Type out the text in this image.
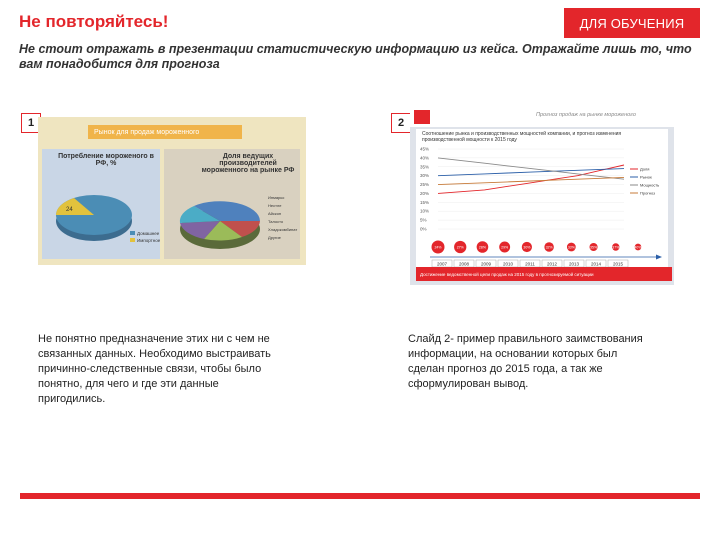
Не повторяйтесь!	ДЛЯ ОБУЧЕНИЯ
Не стоит отражать в презентации статистическую информацию из кейса. Отражайте лишь то, что вам понадобится для прогноза
1
Рынок для продаж мороженного
Потребление мороженого в РФ, %
24
Домашнее
Импортное
Доля ведущих производителей мороженного на рынке РФ
Инмарко
Нестле
Айскон
Талосто
Хладокомбинат
Другие
2
Прогноз продаж на рынке мороженого
Соотношение рынка и производственных мощностей компании, и прогноз изменения производственной мощности к 2015 году
45%
40%
35%
30%
25%
20%
15%
10%
5%
0%
Доля
Рынок
Мощность
Прогноз
24%	27%	28%	29%	30%	32%	33%	35%	37%	40%
2007	2008	2009	2010	2011	2012	2013	2014	2015
Достижение ведомственной цели продаж на 2015 году в прогнозируемой ситуации
Не понятно предназначение этих ни с чем не связанных данных. Необходимо выстраивать причинно-следственные связи, чтобы было понятно, для чего и где эти данные пригодились.
Слайд 2- пример правильного заимствования информации, на основании которых был сделан прогноз до 2015 года, а так же сформулирован вывод.
